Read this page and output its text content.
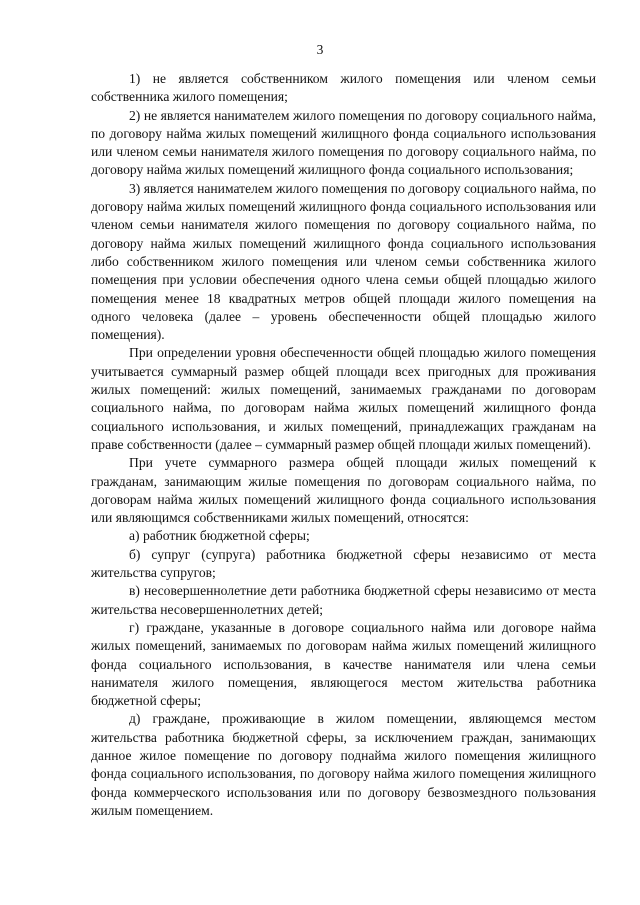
3

1) не является собственником жилого помещения или членом семьи собственника жилого помещения;

2) не является нанимателем жилого помещения по договору социального найма, по договору найма жилых помещений жилищного фонда социального использования или членом семьи нанимателя жилого помещения по договору социального найма, по договору найма жилых помещений жилищного фонда социального использования;

3) является нанимателем жилого помещения по договору социального найма, по договору найма жилых помещений жилищного фонда социального использования или членом семьи нанимателя жилого помещения по договору социального найма, по договору найма жилых помещений жилищного фонда социального использования либо собственником жилого помещения или членом семьи собственника жилого помещения при условии обеспечения одного члена семьи общей площадью жилого помещения менее 18 квадратных метров общей площади жилого помещения на одного человека (далее – уровень обеспеченности общей площадью жилого помещения).

При определении уровня обеспеченности общей площадью жилого помещения учитывается суммарный размер общей площади всех пригодных для проживания жилых помещений: жилых помещений, занимаемых гражданами по договорам социального найма, по договорам найма жилых помещений жилищного фонда социального использования, и жилых помещений, принадлежащих гражданам на праве собственности (далее – суммарный размер общей площади жилых помещений).

При учете суммарного размера общей площади жилых помещений к гражданам, занимающим жилые помещения по договорам социального найма, по договорам найма жилых помещений жилищного фонда социального использования или являющимся собственниками жилых помещений, относятся:

а) работник бюджетной сферы;

б) супруг (супруга) работника бюджетной сферы независимо от места жительства супругов;

в) несовершеннолетние дети работника бюджетной сферы независимо от места жительства несовершеннолетних детей;

г) граждане, указанные в договоре социального найма или договоре найма жилых помещений, занимаемых по договорам найма жилых помещений жилищного фонда социального использования, в качестве нанимателя или члена семьи нанимателя жилого помещения, являющегося местом жительства работника бюджетной сферы;

д) граждане, проживающие в жилом помещении, являющемся местом жительства работника бюджетной сферы, за исключением граждан, занимающих данное жилое помещение по договору поднайма жилого помещения жилищного фонда социального использования, по договору найма жилого помещения жилищного фонда коммерческого использования или по договору безвозмездного пользования жилым помещением.
